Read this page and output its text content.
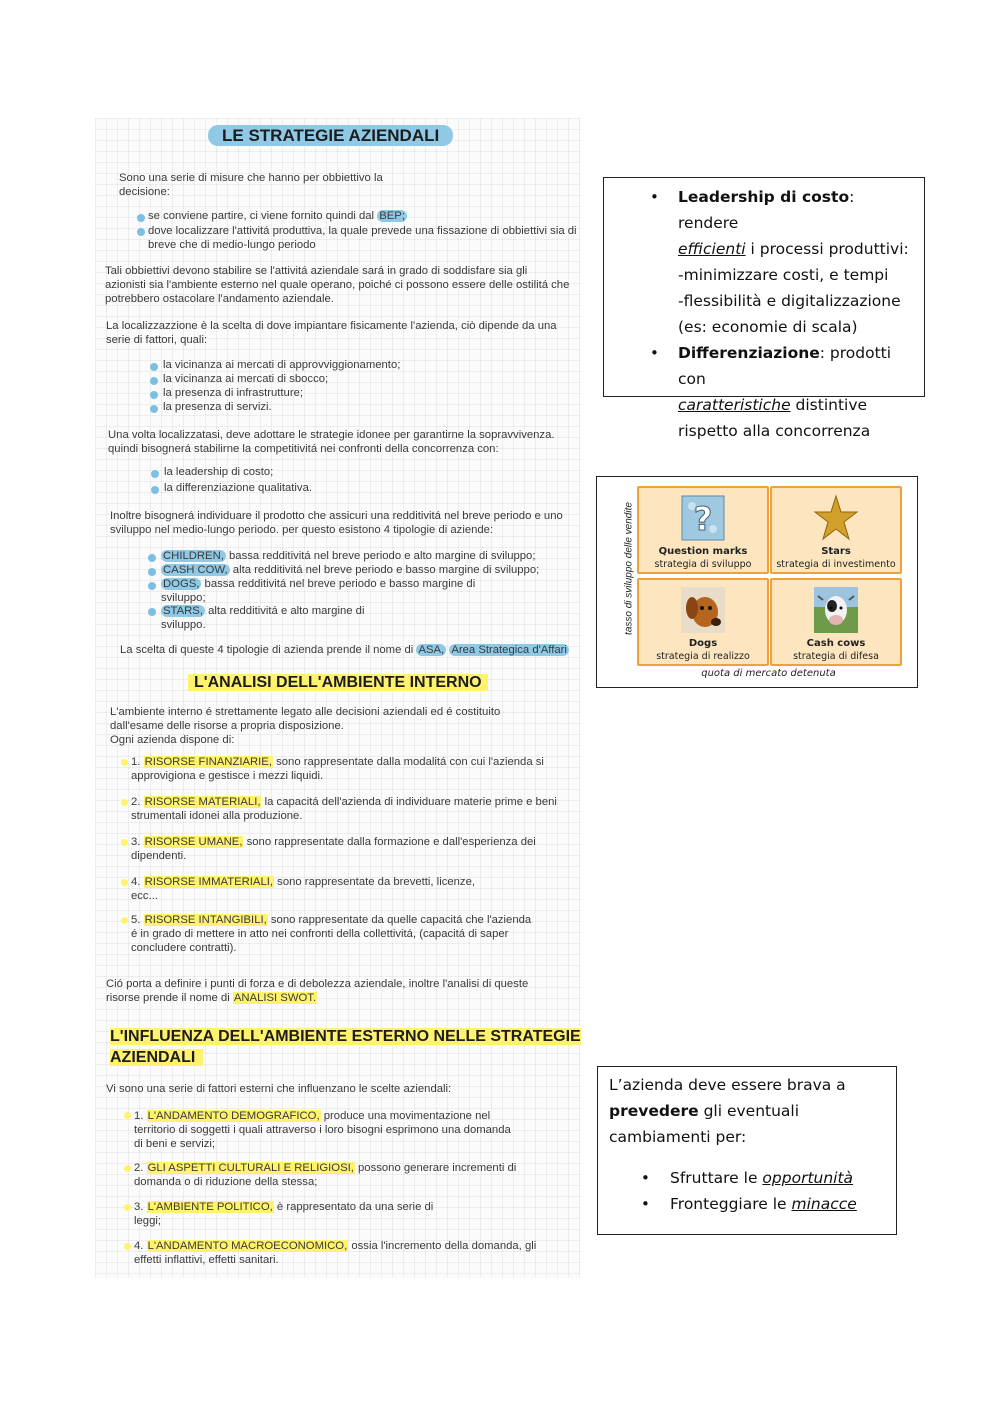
LE STRATEGIE AZIENDALI
Sono una serie di misure che hanno per obbiettivo la
decisione:
se conviene partire, ci viene fornito quindi dal BEP;
dove localizzare l'attivitá produttiva, la quale prevede una fissazione di obbiettivi sia di
breve che di medio-lungo periodo
Tali obbiettivi devono stabilire se l'attivitá aziendale sará in grado di soddisfare sia gli
azionisti sia l'ambiente esterno nel quale operano, poiché ci possono essere delle ostilitá che
potrebbero ostacolare l'andamento aziendale.
La localizzazzione è la scelta di dove impiantare fisicamente l'azienda, ciò dipende da una
serie di fattori, quali:
la vicinanza ai mercati di approvviggionamento;
la vicinanza ai mercati di sbocco;
la presenza di infrastrutture;
la presenza di servizi.
Una volta localizzatasi, deve adottare le strategie idonee per garantirne la sopravvivenza.
quindi bisognerá stabilirne la competitivitá nei confronti della concorrenza con:
la leadership di costo;
la differenziazione qualitativa.
Inoltre bisognerá individuare il prodotto che assicuri una redditivitá nel breve periodo e uno
sviluppo nel medio-lungo periodo. per questo esistono 4 tipologie di aziende:
CHILDREN, bassa redditivitá nel breve periodo e alto margine di sviluppo;
CASH COW, alta redditivitá nel breve periodo e basso margine di sviluppo;
DOGS, bassa redditivitá nel breve periodo e basso margine di
sviluppo;
STARS, alta redditivitá e alto margine di
sviluppo.
La scelta di queste 4 tipologie di azienda prende il nome di ASA, Area Strategica d'Affari
L'ANALISI DELL'AMBIENTE INTERNO
L'ambiente interno é strettamente legato alle decisioni aziendali ed é costituito
dall'esame delle risorse a propria disposizione.
Ogni azienda dispone di:
1. RISORSE FINANZIARIE, sono rappresentate dalla modalitá con cui l'azienda si
approvigiona e gestisce i mezzi liquidi.
2. RISORSE MATERIALI, la capacitá dell'azienda di individuare materie prime e beni
strumentali idonei alla produzione.
3. RISORSE UMANE, sono rappresentate dalla formazione e dall'esperienza dei
dipendenti.
4. RISORSE IMMATERIALI, sono rappresentate da brevetti, licenze,
ecc...
5. RISORSE INTANGIBILI, sono rappresentate da quelle capacitá che l'azienda
é in grado di mettere in atto nei confronti della collettivitá, (capacitá di saper
concludere contratti).
Ció porta a definire i punti di forza e di debolezza aziendale, inoltre l'analisi di queste
risorse prende il nome di ANALISI SWOT.
L'INFLUENZA DELL'AMBIENTE ESTERNO NELLE STRATEGIE
AZIENDALI
Vi sono una serie di fattori esterni che influenzano le scelte aziendali:
1. L'ANDAMENTO DEMOGRAFICO, produce una movimentazione nel
territorio di soggetti i quali attraverso i loro bisogni esprimono una domanda
di beni e servizi;
2. GLI ASPETTI CULTURALI E RELIGIOSI, possono generare incrementi di
domanda o di riduzione della stessa;
3. L'AMBIENTE POLITICO, è rappresentato da una serie di
leggi;
4. L'ANDAMENTO MACROECONOMICO, ossia l'incremento della domanda, gli
effetti inflattivi, effetti sanitari.
• Leadership di costo: rendere
efficienti i processi produttivi:
-minimizzare costi, e tempi
-flessibilità e digitalizzazione
(es: economie di scala)
• Differenziazione: prodotti con
caratteristiche distintive
rispetto alla concorrenza
tasso di sviluppo delle vendite ?
Question marks
strategia di sviluppo
Stars
strategia di investimento
Dogs
strategia di realizzo
Cash cows
strategia di difesa
quota di mercato detenuta
L’azienda deve essere brava a
prevedere gli eventuali
cambiamenti per:
• Sfruttare le opportunità
• Fronteggiare le minacce
